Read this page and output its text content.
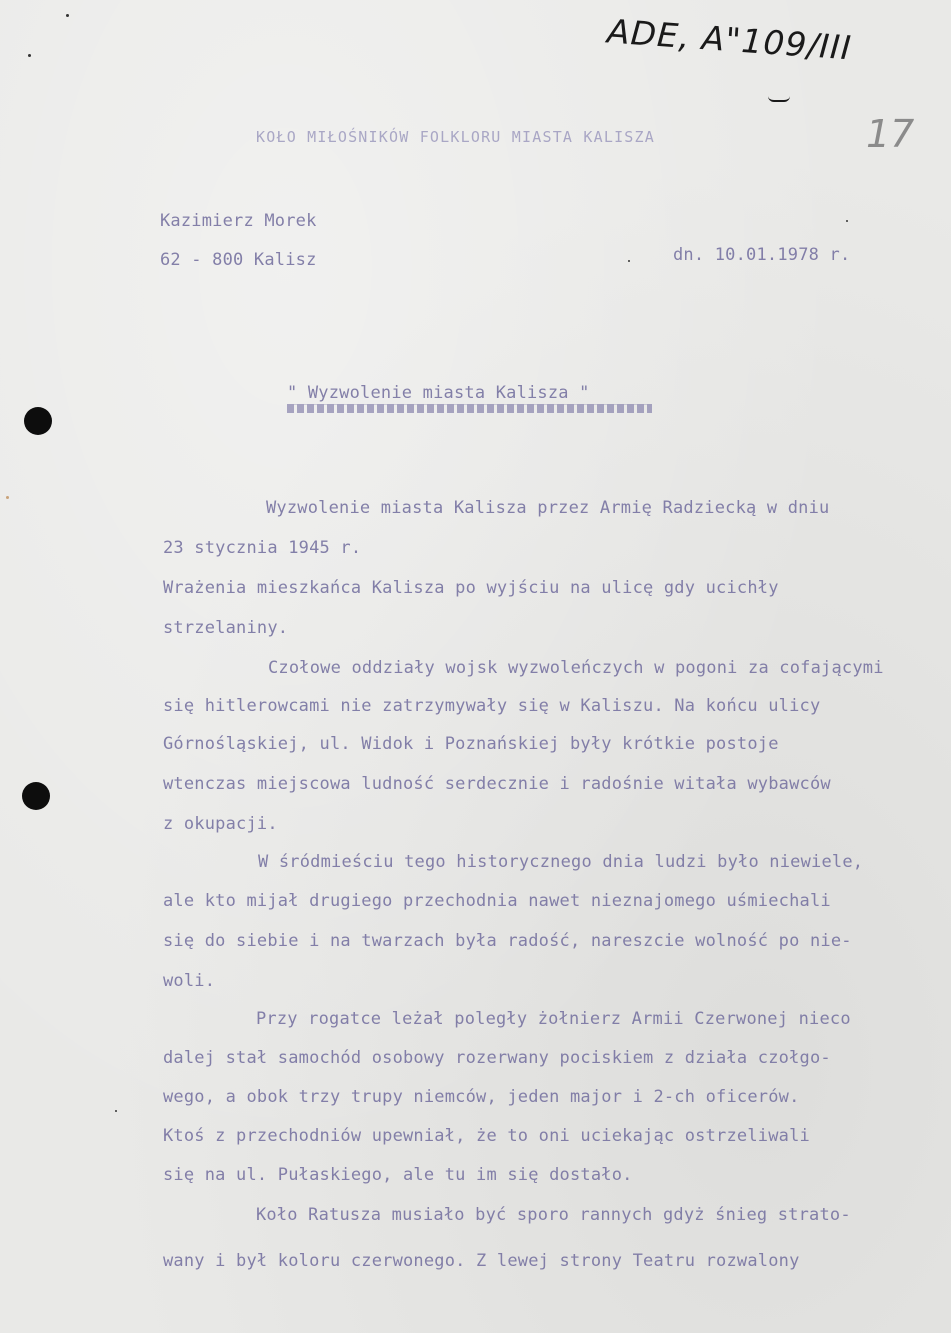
ADE, A"109/III
17
KOŁO MIŁOŚNIKÓW FOLKLORU MIASTA KALISZA
Kazimierz Morek
62 - 800 Kalisz	dn. 10.01.1978 r.
" Wyzwolenie miasta Kalisza "
Wyzwolenie miasta Kalisza przez Armię Radziecką w dniu
23 stycznia 1945 r.
Wrażenia mieszkańca Kalisza po wyjściu na ulicę gdy ucichły
strzelaniny.
Czołowe oddziały wojsk wyzwoleńczych w pogoni za cofającymi
się hitlerowcami nie zatrzymywały się w Kaliszu. Na końcu ulicy
Górnośląskiej, ul. Widok i Poznańskiej były krótkie postoje
wtenczas miejscowa ludność serdecznie i radośnie witała wybawców
z okupacji.
W śródmieściu tego historycznego dnia ludzi było niewiele,
ale kto mijał drugiego przechodnia nawet nieznajomego uśmiechali
się do siebie i na twarzach była radość, nareszcie wolność po nie-
woli.
Przy rogatce leżał poległy żołnierz Armii Czerwonej nieco
dalej stał samochód osobowy rozerwany pociskiem z działa czołgo-
wego, a obok trzy trupy niemców, jeden major i 2-ch oficerów.
Ktoś z przechodniów upewniał, że to oni uciekając ostrzeliwali
się na ul. Pułaskiego, ale tu im się dostało.
Koło Ratusza musiało być sporo rannych gdyż śnieg strato-
wany i był koloru czerwonego. Z lewej strony Teatru rozwalony
